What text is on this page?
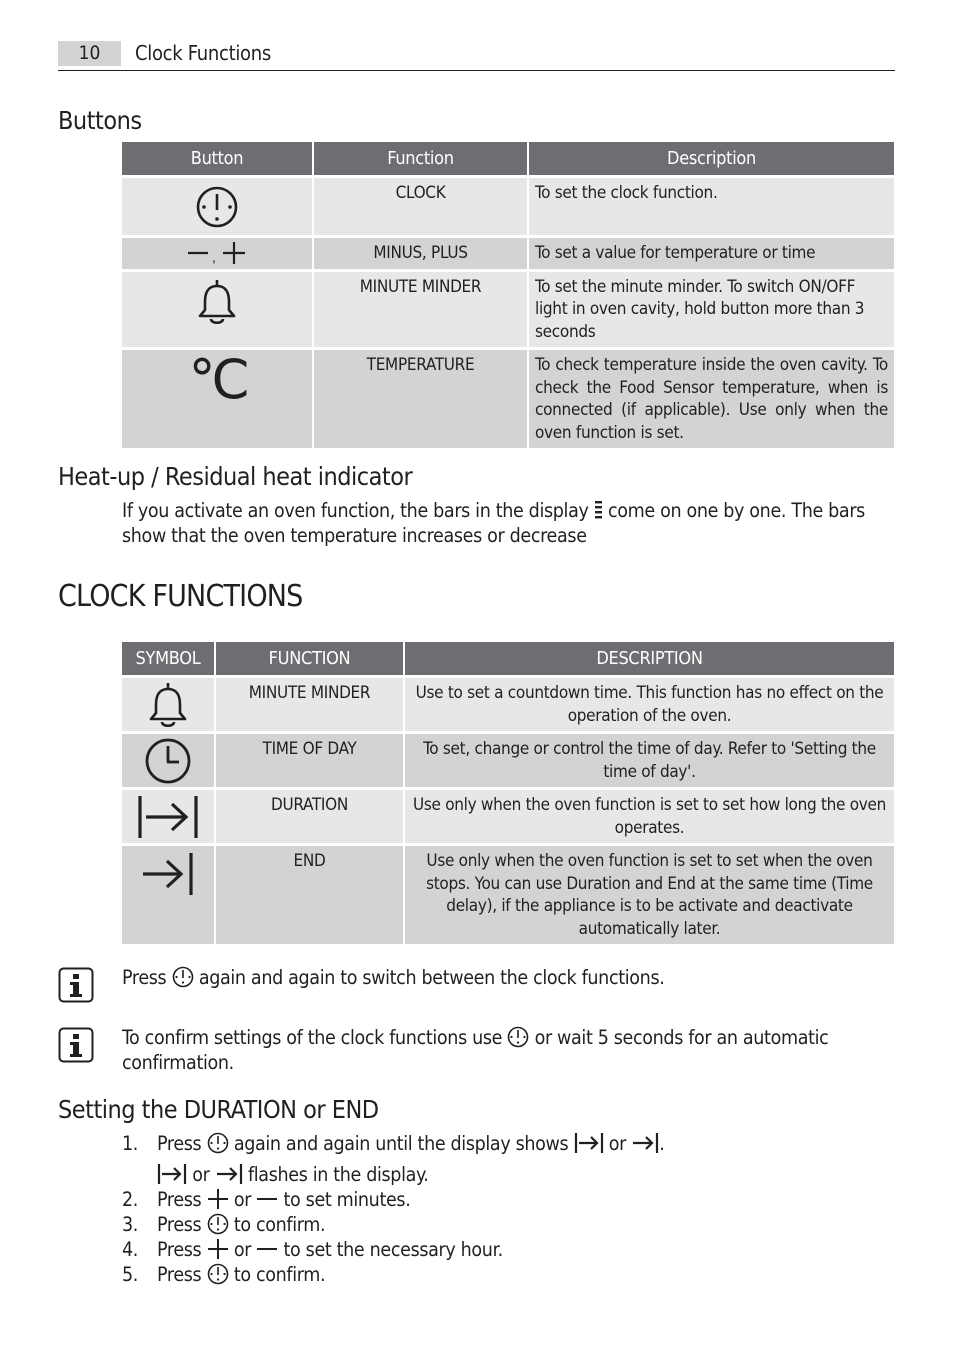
10	Clock Functions
Buttons
Button	Function	Description
	CLOCK	To set the clock function.

,	MINUS, PLUS	To set a value for temperature or time
	MINUTE MINDER	To set the minute minder. To switch ON/OFF light in oven cavity, hold button more than 3 seconds

°C	TEMPERATURE	To check temperature inside the oven cavity. To check the Food Sensor temperature, when is connected (if applicable). Use only when the oven function is set.
Heat-up / Residual heat indicator
If you activate an oven function, the bars in the display come on one by one. The bars show that the oven temperature increases or decrease
CLOCK FUNCTIONS
SYMBOL	FUNCTION	DESCRIPTION
	MINUTE MINDER	Use to set a countdown time. This function has no effect on the operation of the oven.
	TIME OF DAY	To set, change or control the time of day. Refer to 'Setting the time of day'.
	DURATION	Use only when the oven function is set to set how long the oven operates.
	END	Use only when the oven function is set to set when the oven stops. You can use Duration and End at the same time (Time delay), if the appliance is to be activate and deactivate automatically later.
Press again and again to switch between the clock functions.
To confirm settings of the clock functions use or wait 5 seconds for an automatic confirmation.
Setting the DURATION or END
1. Press again and again until the display shows or .
or flashes in the display.
2. Press or to set minutes.
3. Press to confirm.
4. Press or to set the necessary hour.
5. Press to confirm.
